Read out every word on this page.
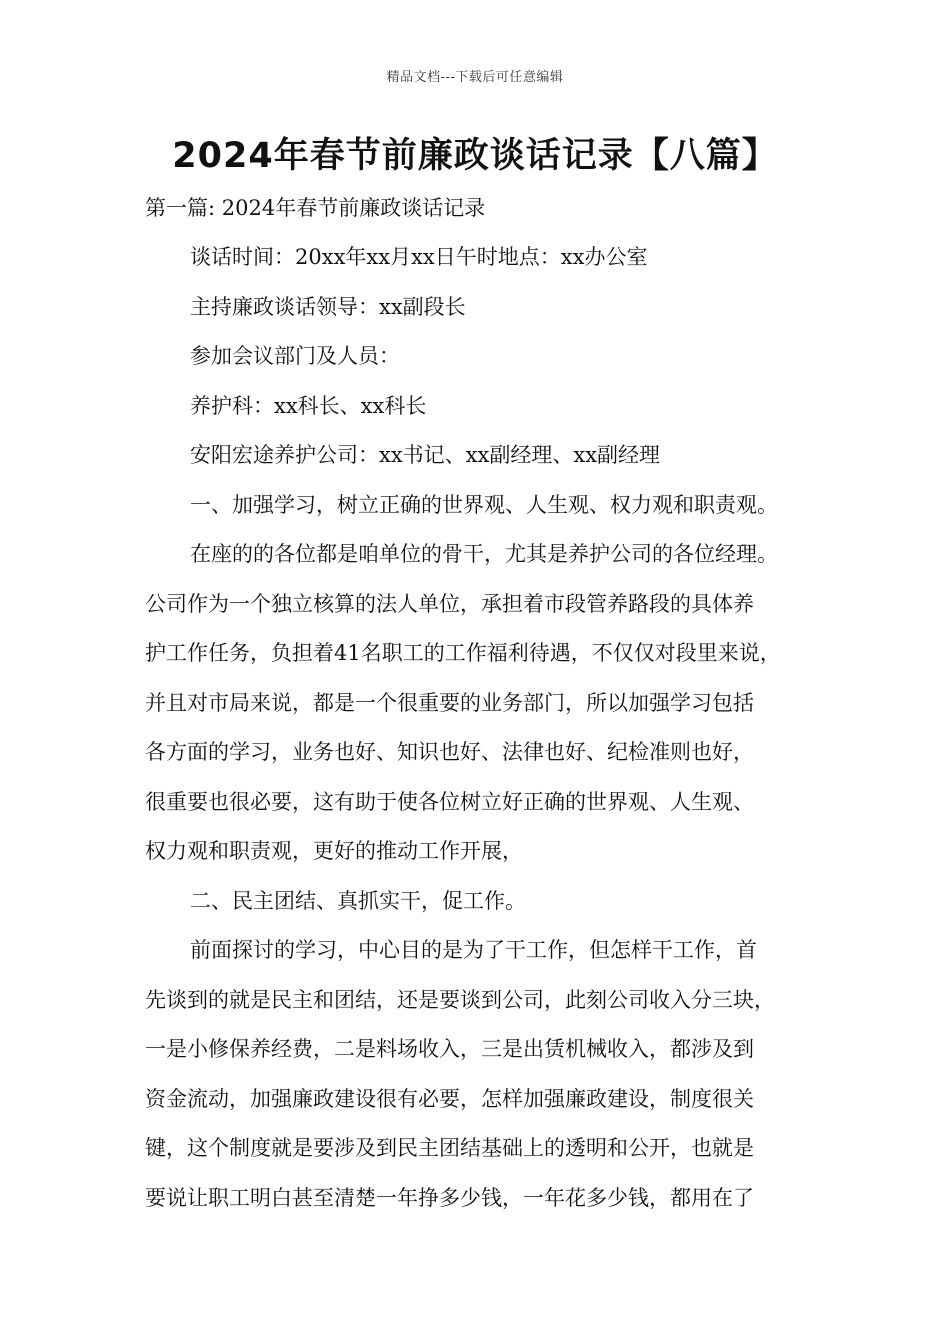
精品文档---下载后可任意编辑
2024年春节前廉政谈话记录【八篇】
第一篇: 2024年春节前廉政谈话记录
谈话时间：20xx年xx月xx日午时地点：xx办公室
主持廉政谈话领导：xx副段长
参加会议部门及人员：
养护科：xx科长、xx科长
安阳宏途养护公司：xx书记、xx副经理、xx副经理
一、加强学习，树立正确的世界观、人生观、权力观和职责观。
在座的的各位都是咱单位的骨干，尤其是养护公司的各位经理。
公司作为一个独立核算的法人单位，承担着市段管养路段的具体养
护工作任务，负担着41名职工的工作福利待遇，不仅仅对段里来说，
并且对市局来说，都是一个很重要的业务部门，所以加强学习包括
各方面的学习，业务也好、知识也好、法律也好、纪检准则也好，
很重要也很必要，这有助于使各位树立好正确的世界观、人生观、
权力观和职责观，更好的推动工作开展，
二、民主团结、真抓实干，促工作。
前面探讨的学习，中心目的是为了干工作，但怎样干工作，首
先谈到的就是民主和团结，还是要谈到公司，此刻公司收入分三块，
一是小修保养经费，二是料场收入，三是出赁机械收入，都涉及到
资金流动，加强廉政建设很有必要，怎样加强廉政建设，制度很关
键，这个制度就是要涉及到民主团结基础上的透明和公开，也就是
要说让职工明白甚至清楚一年挣多少钱，一年花多少钱，都用在了
